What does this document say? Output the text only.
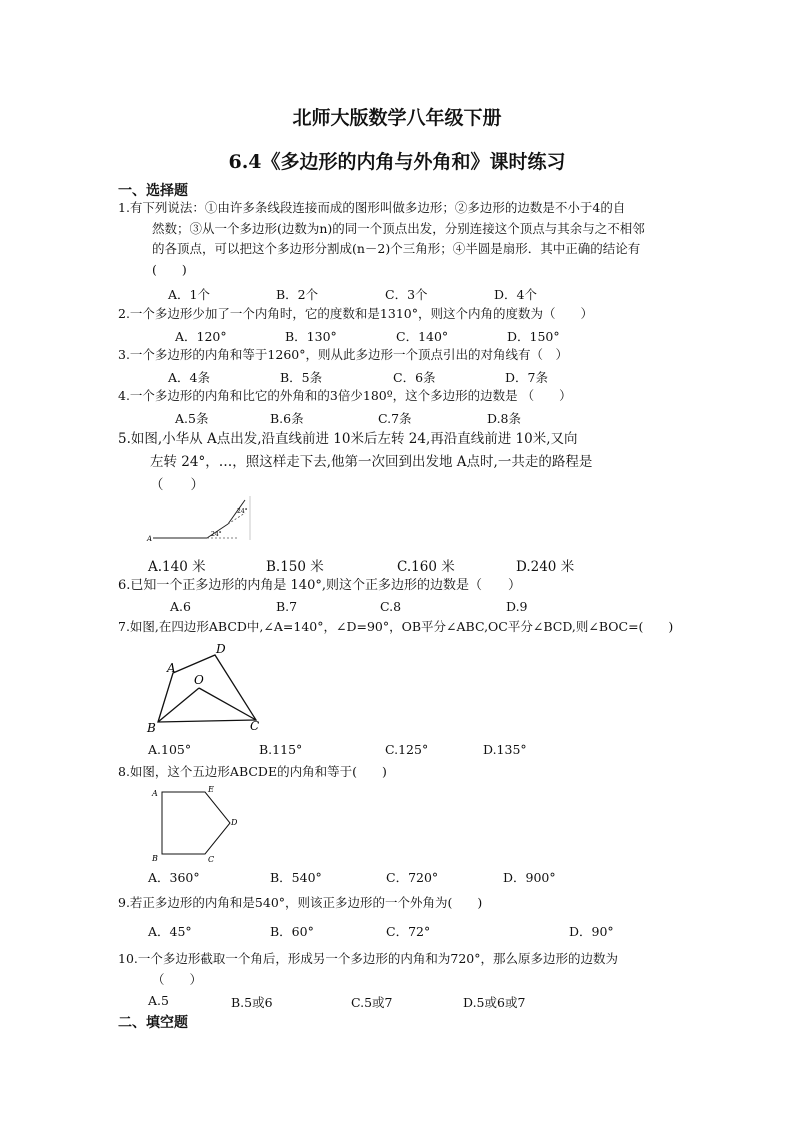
北师大版数学八年级下册
6.4《多边形的内角与外角和》课时练习
一、选择题
1.有下列说法：①由许多条线段连接而成的图形叫做多边形；②多边形的边数是不小于4的自

然数；③从一个多边形(边数为n)的同一个顶点出发，分别连接这个顶点与其余与之不相邻
的各顶点，可以把这个多边形分割成(n－2)个三角形；④半圆是扇形．其中正确的结论有
(　　)
A．1个	B．2个	C．3个	D．4个
2.一个多边形少加了一个内角时，它的度数和是1310°，则这个内角的度数为（　　）
A．120°	B．130°	C．140°	D．150°
3.一个多边形的内角和等于1260°，则从此多边形一个顶点引出的对角线有（　）
A．4条	B．5条	C．6条	D．7条
4.一个多边形的内角和比它的外角和的3倍少180º，这个多边形的边数是 （　　）
A.5条	B.6条	C.7条	D.8条
5.如图,小华从 A点出发,沿直线前进 10米后左转 24,再沿直线前进 10米,又向

左转 24°，…，照这样走下去,他第一次回到出发地 A点时,一共走的路程是
（　　）
A
24°
24°
A.140 米	B.150 米	C.160 米	D.240 米
6.已知一个正多边形的内角是 140°,则这个正多边形的边数是（　　）
A.6	B.7	C.8	D.9
7.如图,在四边形ABCD中,∠A=140°，∠D=90°，OB平分∠ABC,OC平分∠BCD,则∠BOC=(　　)
A
B	C
D
O
A.105°	B.115°	C.125°	D.135°
8.如图，这个五边形ABCDE的内角和等于(　　)
A
B	C
D
E
A．360°	B．540°	C．720°	D．900°
9.若正多边形的内角和是540°，则该正多边形的一个外角为(　　)
A．45°	B．60°	C．72°	D．90°
10.一个多边形截取一个角后，形成另一个多边形的内角和为720°，那么原多边形的边数为

（　　）
A.5	B.5或6	C.5或7	D.5或6或7
二、填空题
